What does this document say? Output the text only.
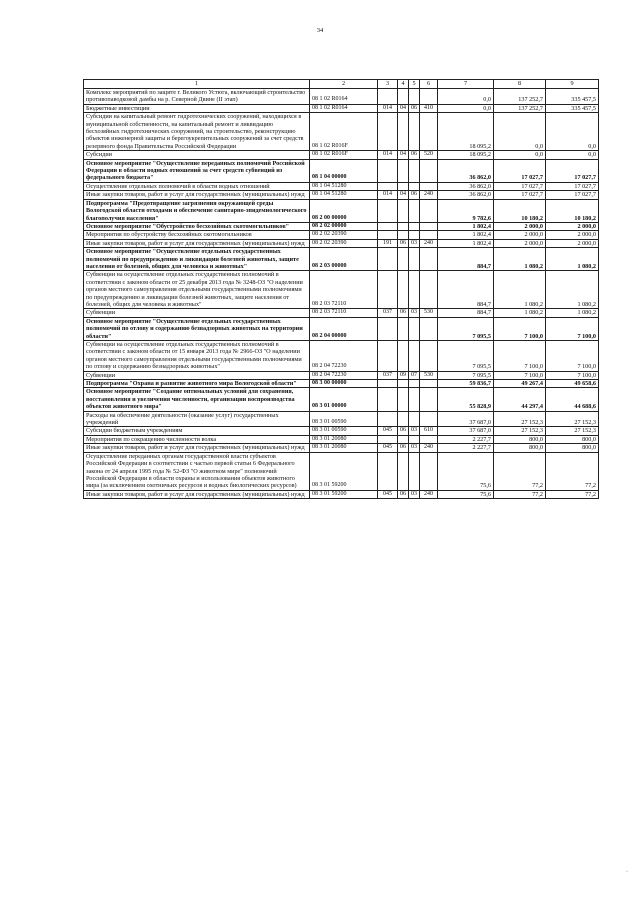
34
1	2	3	4	5	6	7	8	9
Комплекс мероприятий по защите г. Великого Устюга, включающий строительство противопаводковой дамбы на р. Северной Двине (II этап)	08 1 02 R0164					0,0	137 252,7	335 457,5
Бюджетные инвестиции	08 1 02 R0164	014	04	06	410	0,0	137 252,7	335 457,5
Субсидии на капитальный ремонт гидротехнических сооружений, находящихся в муниципальной собственности, на капитальный ремонт и ликвидацию бесхозяйных гидротехнических сооружений, на строительство, реконструкцию объектов инженерной защиты и берегоукрепительных сооружений за счет средств резервного фонда Правительства Российской Федерации	08 1 02 R016F					18 095,2	0,0	0,0
Субсидии	08 1 02 R016F	014	04	06	520	18 095,2	0,0	0,0
Основное мероприятие "Осуществление переданных полномочий Российской Федерации в области водных отношений за счет средств субвенций из федерального бюджета"	08 1 04 00000					36 862,0	17 027,7	17 027,7
Осуществление отдельных полномочий в области водных отношений	08 1 04 51280					36 862,0	17 027,7	17 027,7
Иные закупки товаров, работ и услуг для государственных (муниципальных) нужд	08 1 04 51280	014	04	06	240	36 862,0	17 027,7	17 027,7
Подпрограмма "Предотвращение загрязнения окружающей среды Вологодской области отходами и обеспечение санитарно-эпидемиологического благополучия населения"	08 2 00 00000					9 782,6	10 180,2	10 180,2
Основное мероприятие "Обустройство бесхозяйных скотомогильников"	08 2 02 00000					1 802,4	2 000,0	2 000,0
Мероприятия по обустройству бесхозяйных скотомогильников	08 2 02 20390					1 802,4	2 000,0	2 000,0
Иные закупки товаров, работ и услуг для государственных (муниципальных) нужд	08 2 02 20390	191	06	03	240	1 802,4	2 000,0	2 000,0
Основное мероприятие "Осуществление отдельных государственных полномочий по предупреждению и ликвидации болезней животных, защите населения от болезней, общих для человека и животных"	08 2 03 00000					884,7	1 080,2	1 080,2
Субвенции на осуществление отдельных государственных полномочий в соответствии с законом области от 25 декабря 2013 года № 3248-ОЗ "О наделении органов местного самоуправления отдельными государственными полномочиями по предупреждению и ликвидации болезней животных, защите населения от болезней, общих для человека и животных"	08 2 03 72110					884,7	1 080,2	1 080,2
Субвенции	08 2 03 72110	037	06	03	530	884,7	1 080,2	1 080,2
Основное мероприятие "Осуществление отдельных государственных полномочий по отлову и содержанию безнадзорных животных на территории области"	08 2 04 00000					7 095,5	7 100,0	7 100,0
Субвенции на осуществление отдельных государственных полномочий в соответствии с законом области от 15 января 2013 года № 2966-ОЗ "О наделении органов местного самоуправления отдельными государственными полномочиями по отлову и содержанию безнадзорных животных"	08 2 04 72230					7 095,5	7 100,0	7 100,0
Субвенции	08 2 04 72230	037	09	07	530	7 095,5	7 100,0	7 100,0
Подпрограмма "Охрана и развитие животного мира Вологодской области"	08 3 00 00000					59 836,7	49 267,4	49 658,6
Основное мероприятие "Создание оптимальных условий для сохранения, восстановления и увеличения численности, организации воспроизводства объектов животного мира"	08 3 01 00000					55 828,9	44 297,4	44 688,6
Расходы на обеспечение деятельности (оказание услуг) государственных учреждений	08 3 01 00590					37 687,0	27 152,3	27 152,3
Субсидии бюджетным учреждениям	08 3 01 00590	045	06	03	610	37 687,0	27 152,3	27 152,3
Мероприятия по сокращению численности волка	08 3 01 20080					2 227,7	800,0	800,0
Иные закупки товаров, работ и услуг для государственных (муниципальных) нужд	08 3 01 20080	045	06	03	240	2 227,7	800,0	800,0
Осуществление переданных органам государственной власти субъектов Российской Федерации в соответствии с частью первой статьи 6 Федерального закона от 24 апреля 1995 года № 52-ФЗ "О животном мире" полномочий Российской Федерации в области охраны и использования объектов животного мира (за исключением охотничьих ресурсов и водных биологических ресурсов)	08 3 01 59200					75,6	77,2	77,2
Иные закупки товаров, работ и услуг для государственных (муниципальных) нужд	08 3 01 59200	045	06	03	240	75,6	77,2	77,2
·
